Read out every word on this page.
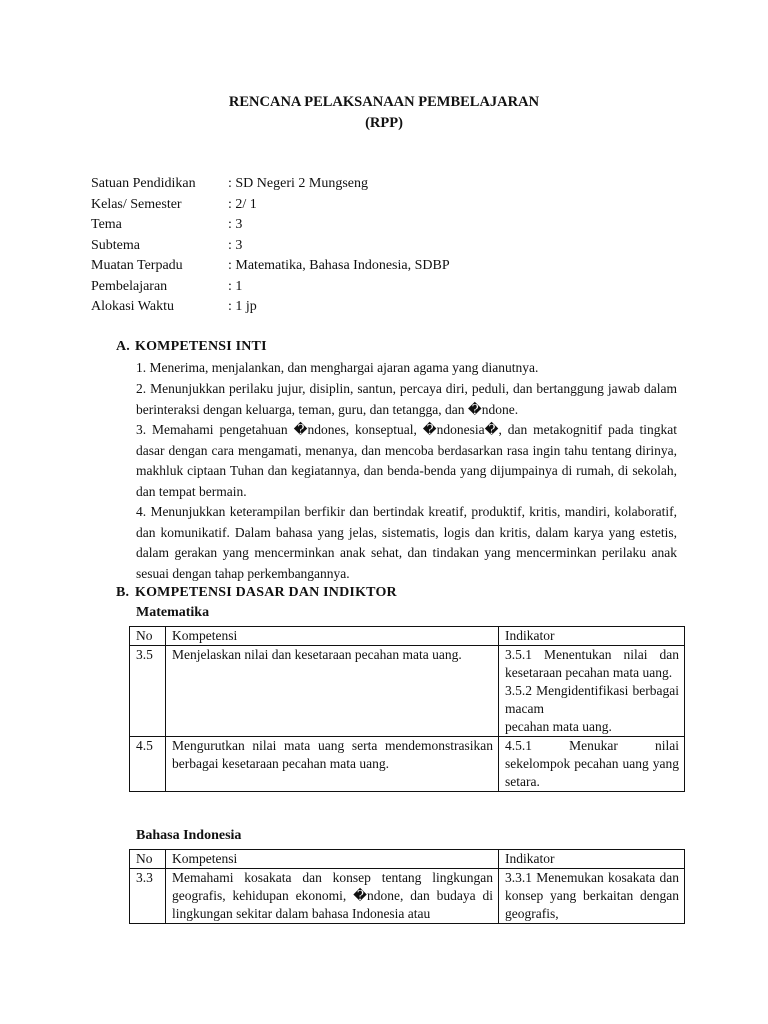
RENCANA PELAKSANAAN PEMBELAJARAN
(RPP)
Satuan Pendidikan	: SD Negeri 2 Mungseng
Kelas/ Semester	: 2/ 1
Tema	: 3
Subtema	: 3
Muatan Terpadu	: Matematika, Bahasa Indonesia, SDBP
Pembelajaran	: 1
Alokasi Waktu	: 1 jp
A. KOMPETENSI INTI
1. Menerima, menjalankan, dan menghargai ajaran agama yang dianutnya.
2. Menunjukkan perilaku jujur, disiplin, santun, percaya diri, peduli, dan bertanggung jawab dalam berinteraksi dengan keluarga, teman, guru, dan tetangga, dan �ndone.
3. Memahami pengetahuan �ndones, konseptual, �ndonesia�, dan metakognitif pada tingkat dasar dengan cara mengamati, menanya, dan mencoba berdasarkan rasa ingin tahu tentang dirinya, makhluk ciptaan Tuhan dan kegiatannya, dan benda-benda yang dijumpainya di rumah, di sekolah, dan tempat bermain.
4. Menunjukkan keterampilan berfikir dan bertindak kreatif, produktif, kritis, mandiri, kolaboratif, dan komunikatif. Dalam bahasa yang jelas, sistematis, logis dan kritis, dalam karya yang estetis, dalam gerakan yang mencerminkan anak sehat, dan tindakan yang mencerminkan perilaku anak sesuai dengan tahap perkembangannya.
B. KOMPETENSI DASAR DAN INDIKTOR
Matematika
No	Kompetensi	Indikator
3.5	Menjelaskan nilai dan kesetaraan pecahan mata uang.	3.5.1 Menentukan nilai dan kesetaraan pecahan mata uang.
3.5.2 Mengidentifikasi berbagai macam
pecahan mata uang.

4.5	Mengurutkan nilai mata uang serta mendemonstrasikan berbagai kesetaraan pecahan mata uang.	4.5.1 Menukar nilai sekelompok pecahan uang yang setara.
Bahasa Indonesia
No	Kompetensi	Indikator
3.3	Memahami kosakata dan konsep tentang lingkungan geografis, kehidupan ekonomi, �ndone, dan budaya di lingkungan sekitar dalam bahasa Indonesia atau	3.3.1 Menemukan kosakata dan konsep yang berkaitan dengan geografis,
